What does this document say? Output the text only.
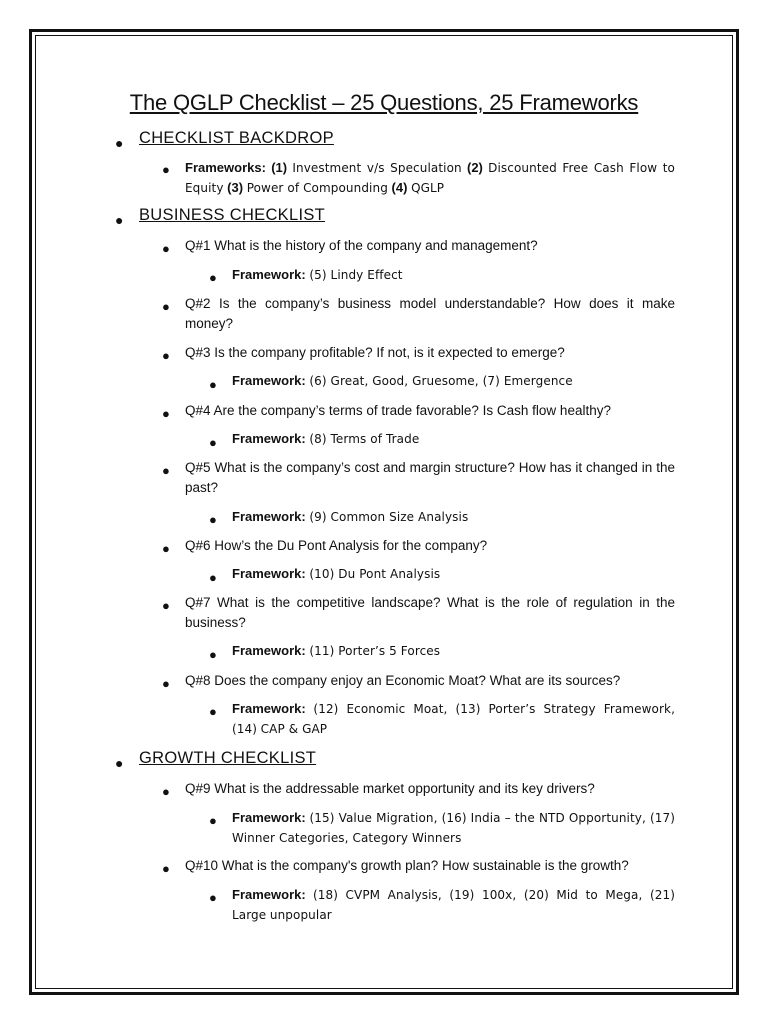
The QGLP Checklist – 25 Questions, 25 Frameworks
● CHECKLIST BACKDROP
● Frameworks: (1) Investment v/s Speculation (2) Discounted Free Cash Flow to Equity (3) Power of Compounding (4) QGLP
● BUSINESS CHECKLIST
● Q#1 What is the history of the company and management?
● Framework: (5) Lindy Effect
● Q#2 Is the company’s business model understandable? How does it make
money?
● Q#3 Is the company profitable? If not, is it expected to emerge?
● Framework: (6) Great, Good, Gruesome, (7) Emergence
● Q#4 Are the company’s terms of trade favorable? Is Cash flow healthy?
● Framework: (8) Terms of Trade
● Q#5 What is the company’s cost and margin structure? How has it changed in the
past?
● Framework: (9) Common Size Analysis
● Q#6 How’s the Du Pont Analysis for the company?
● Framework: (10) Du Pont Analysis
● Q#7 What is the competitive landscape? What is the role of regulation in the
business?
● Framework: (11) Porter’s 5 Forces
● Q#8 Does the company enjoy an Economic Moat? What are its sources?
● Framework: (12) Economic Moat, (13) Porter’s Strategy Framework, (14) CAP & GAP
● GROWTH CHECKLIST
● Q#9 What is the addressable market opportunity and its key drivers?
● Framework: (15) Value Migration, (16) India – the NTD Opportunity, (17) Winner Categories, Category Winners
● Q#10 What is the company's growth plan? How sustainable is the growth?
● Framework: (18) CVPM Analysis, (19) 100x, (20) Mid to Mega, (21) Large unpopular
